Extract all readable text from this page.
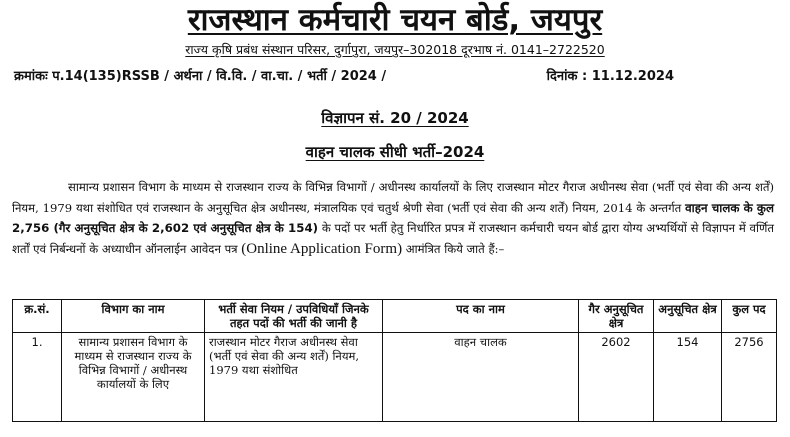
राजस्थान कर्मचारी चयन बोर्ड, जयपुर
राज्य कृषि प्रबंध संस्थान परिसर, दुर्गापुरा, जयपुर–302018 दूरभाष नं. 0141–2722520
क्रमांकः प.14(135)RSSB / अर्थना / वि.वि. / वा.चा. / भर्ती / 2024 /	दिनांक : 11.12.2024
विज्ञापन सं. 20 / 2024
वाहन चालक सीधी भर्ती–2024
सामान्य प्रशासन विभाग के माध्यम से राजस्थान राज्य के विभिन्न विभागों / अधीनस्थ कार्यालयों के लिए राजस्थान मोटर गैराज अधीनस्थ सेवा (भर्ती एवं सेवा की अन्य शर्तें) नियम, 1979 यथा संशोधित एवं राजस्थान के अनुसूचित क्षेत्र अधीनस्थ, मंत्रालयिक एवं चतुर्थ श्रेणी सेवा (भर्ती एवं सेवा की अन्य शर्तें) नियम, 2014 के अन्तर्गत वाहन चालक के कुल 2,756 (गैर अनुसूचित क्षेत्र के 2,602 एवं अनुसूचित क्षेत्र के 154) के पदों पर भर्ती हेतु निर्धारित प्रपत्र में राजस्थान कर्मचारी चयन बोर्ड द्वारा योग्य अभ्यर्थियों से विज्ञापन में वर्णित शर्तों एवं निर्बन्धनों के अध्याधीन ऑनलाईन आवेदन पत्र (Online Application Form) आमंत्रित किये जाते हैं:–
क्र.सं.	विभाग का नाम	भर्ती सेवा नियम / उपविधियाँ जिनके तहत पदों की भर्ती की जानी है	पद का नाम	गैर अनुसूचित क्षेत्र	अनुसूचित क्षेत्र	कुल पद
1.	सामान्य प्रशासन विभाग के माध्यम से राजस्थान राज्य के विभिन्न विभागों / अधीनस्थ कार्यालयों के लिए	राजस्थान मोटर गैराज अधीनस्थ सेवा (भर्ती एवं सेवा की अन्य शर्तें) नियम, 1979 यथा संशोधित	वाहन चालक	2602	154	2756
